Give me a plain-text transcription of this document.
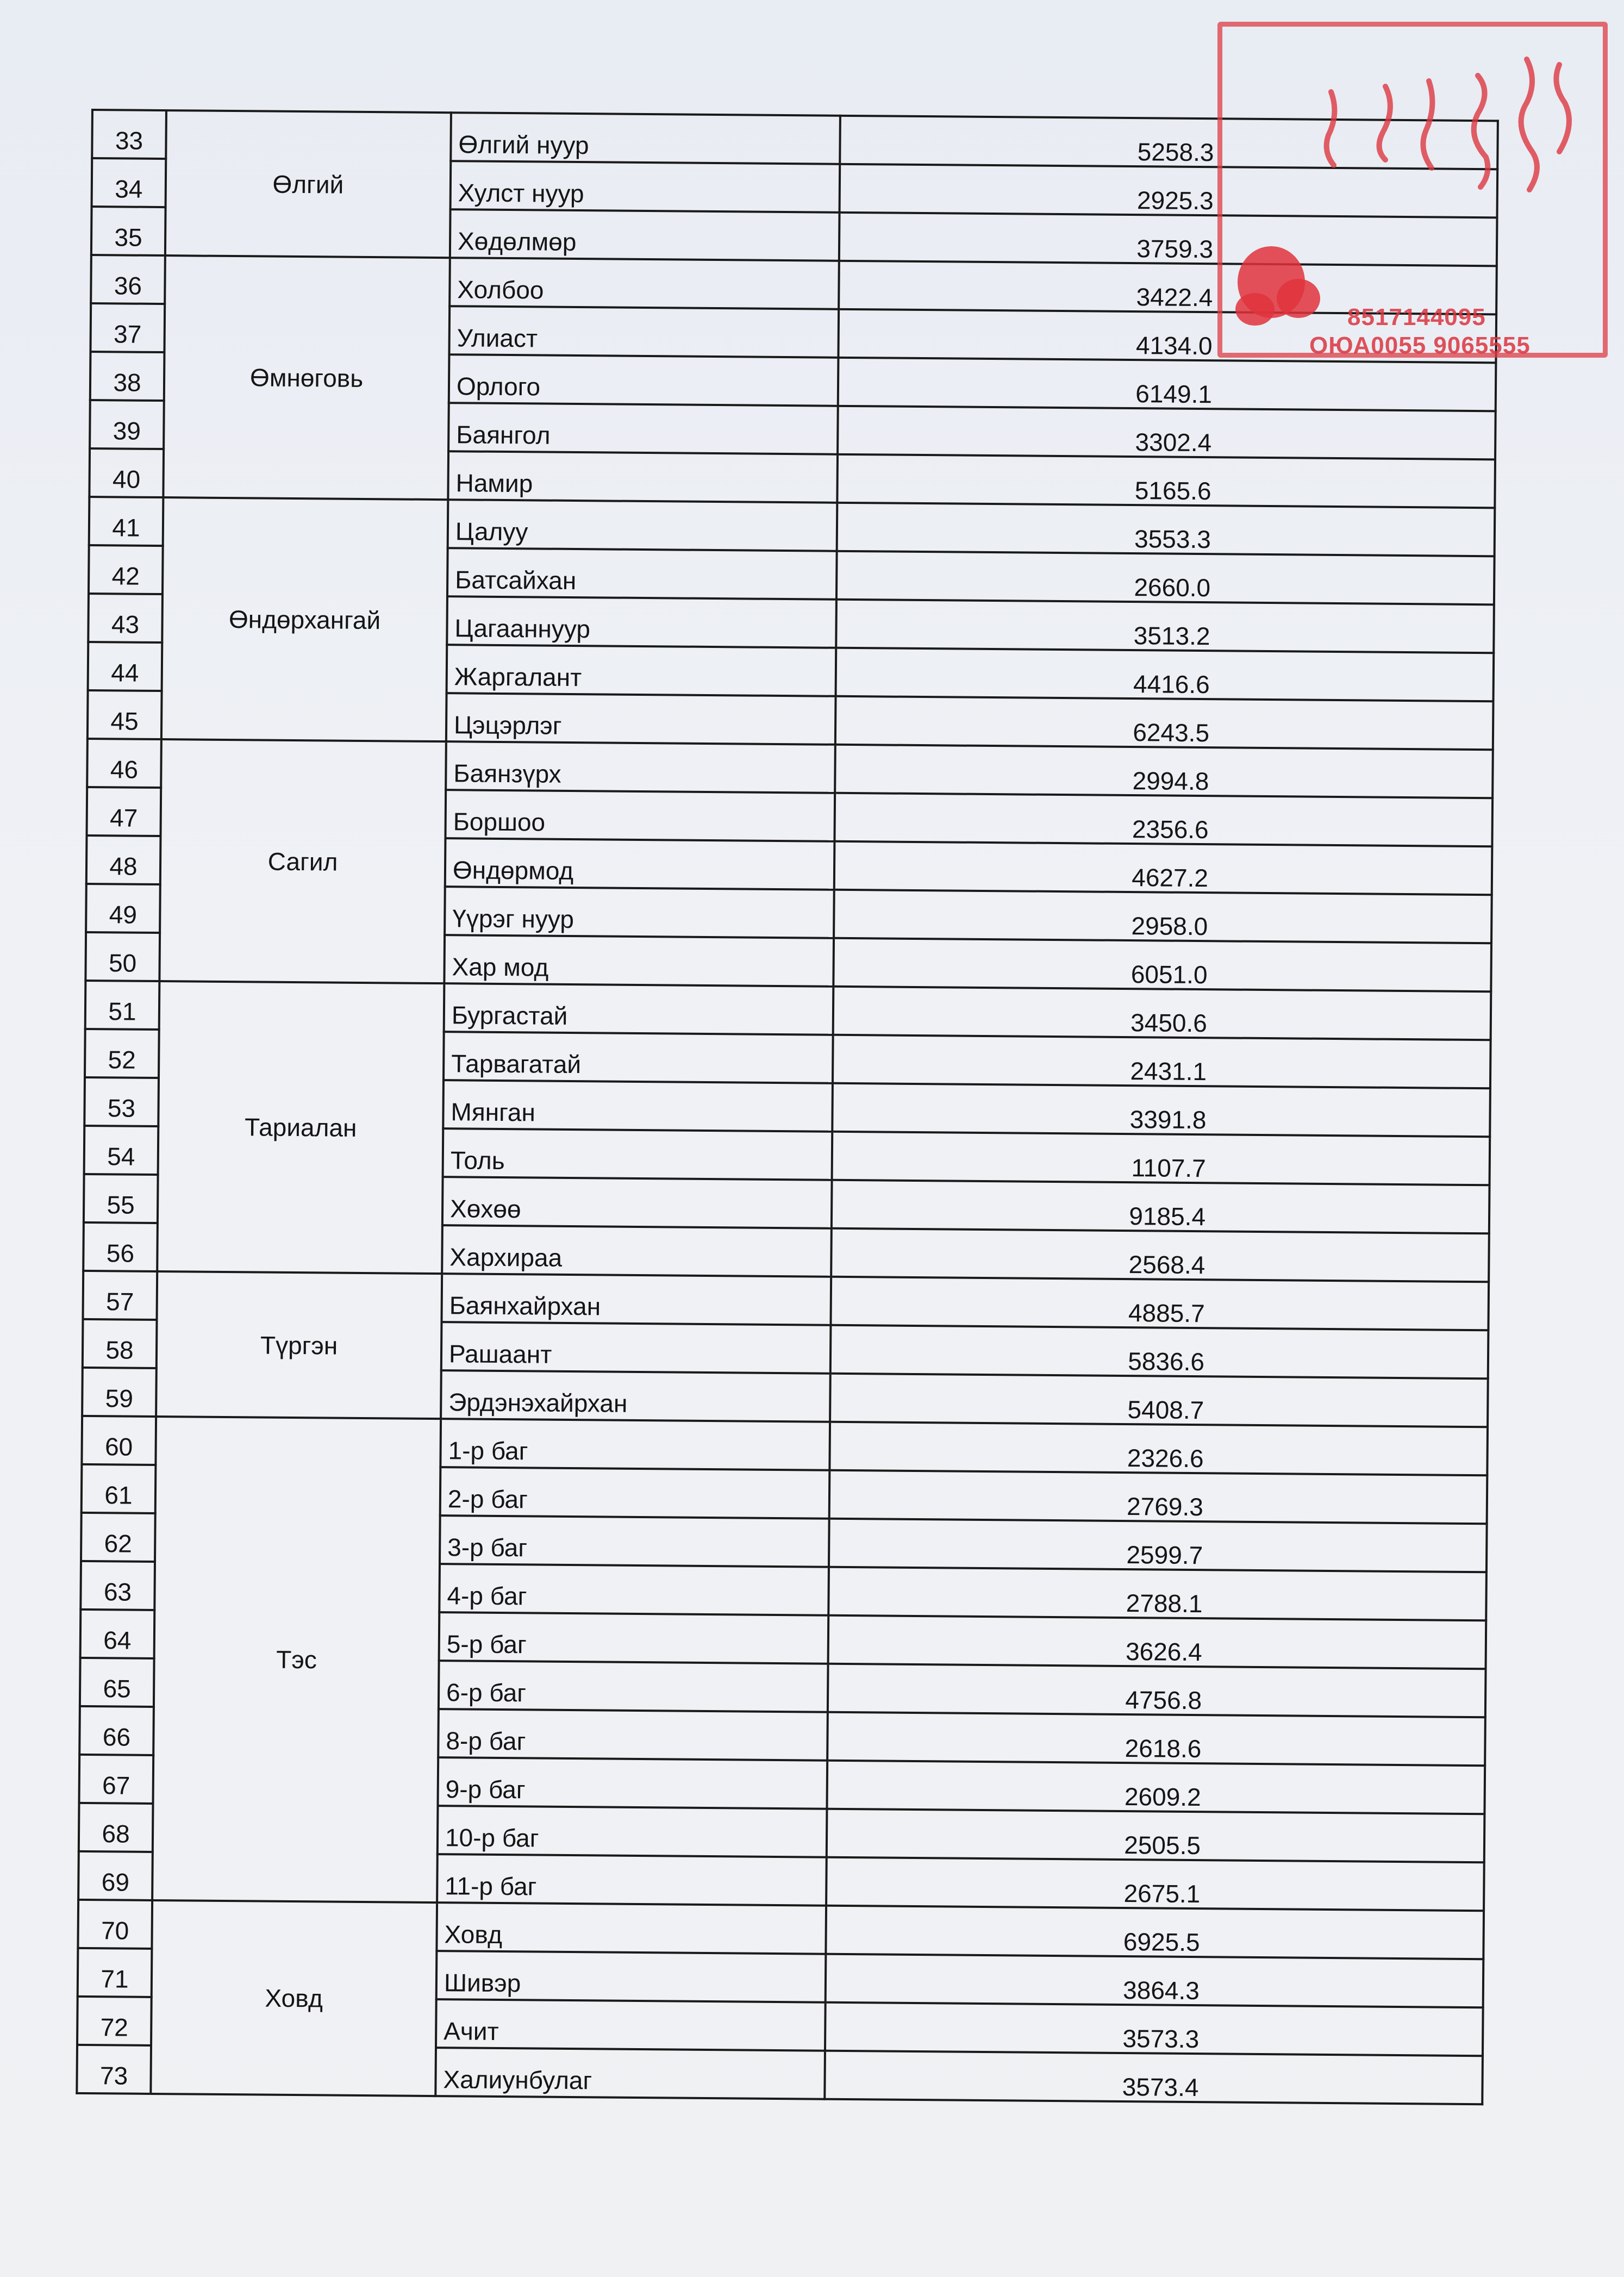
33	Өлгий	Өлгий нуур	5258.3
34		Хулст нуур	2925.3
35		Хөдөлмөр	3759.3
36	Өмнөговь	Холбоо	3422.4
37		Улиаст	4134.0
38		Орлого	6149.1
39		Баянгол	3302.4
40		Намир	5165.6
41	Өндөрхангай	Цалуу	3553.3
42		Батсайхан	2660.0
43		Цагааннуур	3513.2
44		Жаргалант	4416.6
45		Цэцэрлэг	6243.5
46	Сагил	Баянзүрх	2994.8
47		Боршоо	2356.6
48		Өндөрмод	4627.2
49		Үүрэг нуур	2958.0
50		Хар мод	6051.0
51	Тариалан	Бургастай	3450.6
52		Тарвагатай	2431.1
53		Мянган	3391.8
54		Толь	1107.7
55		Хөхөө	9185.4
56		Хархираа	2568.4
57	Түргэн	Баянхайрхан	4885.7
58		Рашаант	5836.6
59		Эрдэнэхайрхан	5408.7
60	Тэс	1-р баг	2326.6
61		2-р баг	2769.3
62		3-р баг	2599.7
63		4-р баг	2788.1
64		5-р баг	3626.4
65		6-р баг	4756.8
66		8-р баг	2618.6
67		9-р баг	2609.2
68		10-р баг	2505.5
69		11-р баг	2675.1
70	Ховд	Ховд	6925.5
71		Шивэр	3864.3
72		Ачит	3573.3
73		Халиунбулаг	3573.4
8517144095
ОЮА0055 9065555
